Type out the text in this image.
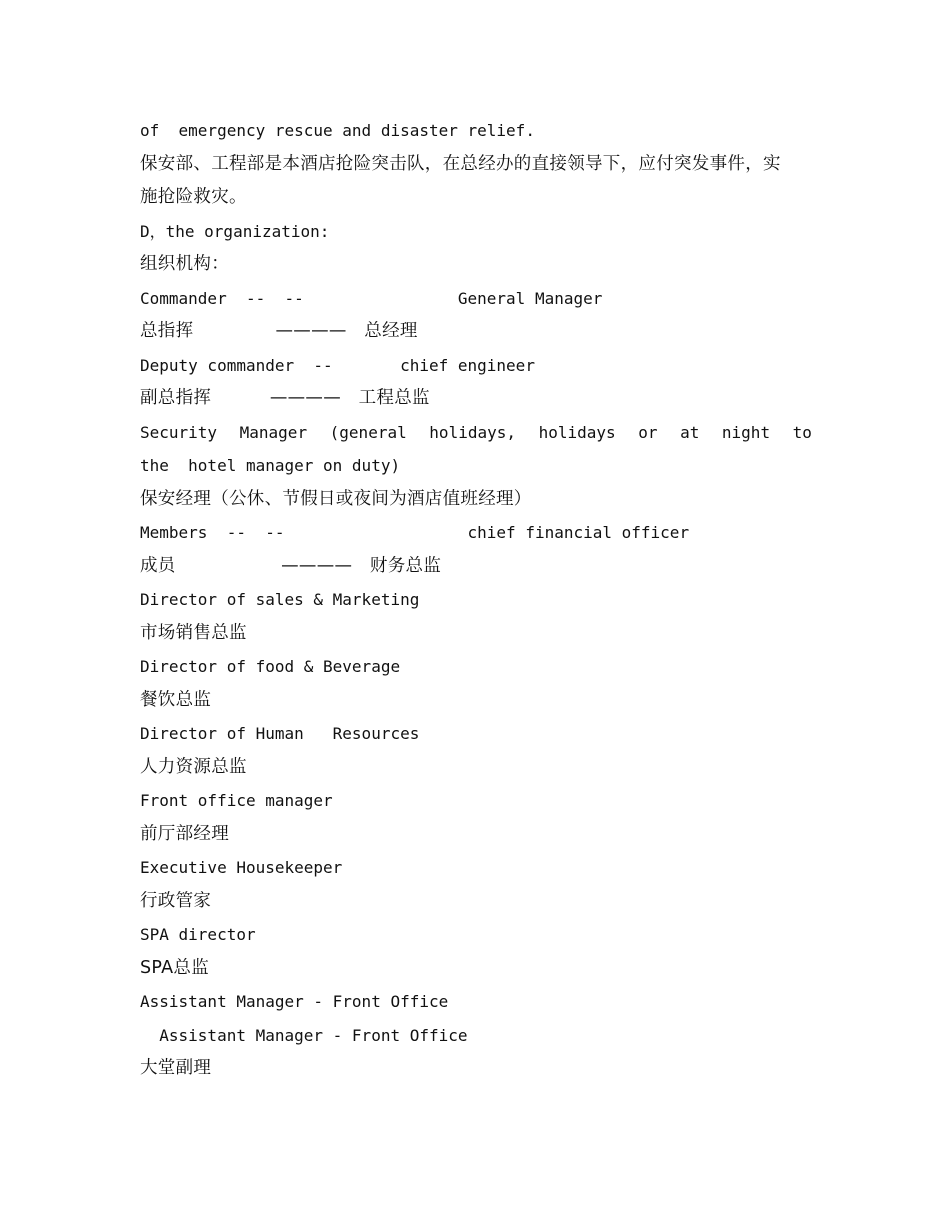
of  emergency rescue and disaster relief.
保安部、工程部是本酒店抢险突击队，在总经办的直接领导下，应付突发事件，实
施抢险救灾。
D，the organization:
组织机构：
Commander  --  --                General Manager
总指挥              ————   总经理
Deputy commander  --       chief engineer
副总指挥          ————   工程总监
Security Manager (general holidays, holidays or at night to
the  hotel manager on duty)
保安经理（公休、节假日或夜间为酒店值班经理）
Members  --  --                   chief financial officer
成员                  ————   财务总监
Director of sales & Marketing
市场销售总监
Director of food & Beverage
餐饮总监
Director of Human   Resources
人力资源总监
Front office manager
前厅部经理
Executive Housekeeper
行政管家
SPA director
SPA总监
Assistant Manager - Front Office
Assistant Manager - Front Office
大堂副理
